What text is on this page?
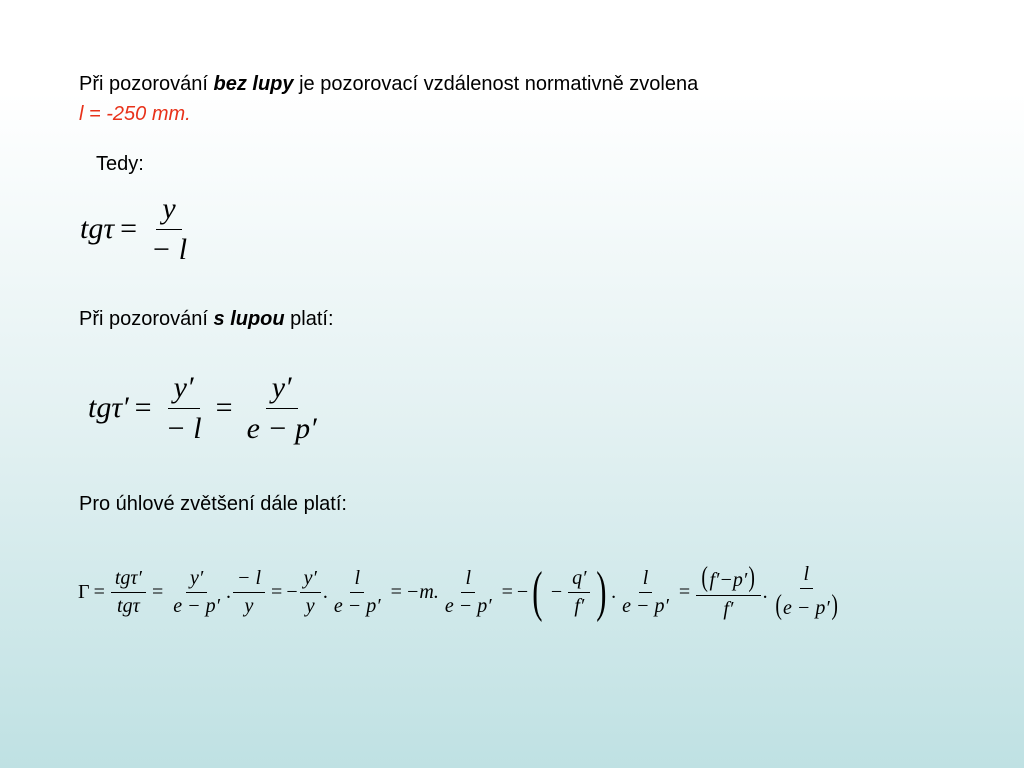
Při pozorování bez lupy je pozorovací vzdálenost normativně zvolena
l = -250 mm.
Tedy:
$tg\tau = \frac{y}{- l}$
Při pozorování s lupou platí:
$tg\tau' = \frac{y'}{- l} = \frac{y'}{e - p'}$
Pro úhlové zvětšení dále platí:
$\Gamma = \frac{\text{tgτ′}}{\text{tgτ}} = \frac{y'}{e - p'}$ . $\frac{- l}{y}$ = − $\frac{y'}{y}$ . $\frac{l}{e - p'} = -m$. $\frac{l}{e - p'}$ = − ( − $\frac{q'}{f'}$ ) . $\frac{l}{e - p'} = \frac{(f'-p')}{f'}$ . $\frac{l}{(e - p')}$
